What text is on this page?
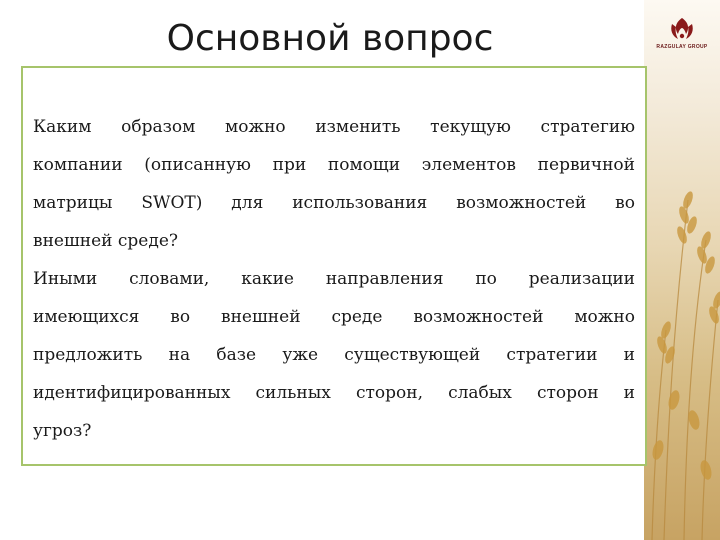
RAZGULAY GROUP
Основной вопрос
Каким образом можно изменить текущую стратегию
компании (описанную при помощи элементов первичной
матрицы SWOT) для использования возможностей во
внешней среде?
Иными словами, какие направления по реализации
имеющихся во внешней среде возможностей можно
предложить на базе уже существующей стратегии и
идентифицированных сильных сторон, слабых сторон и
угроз?
